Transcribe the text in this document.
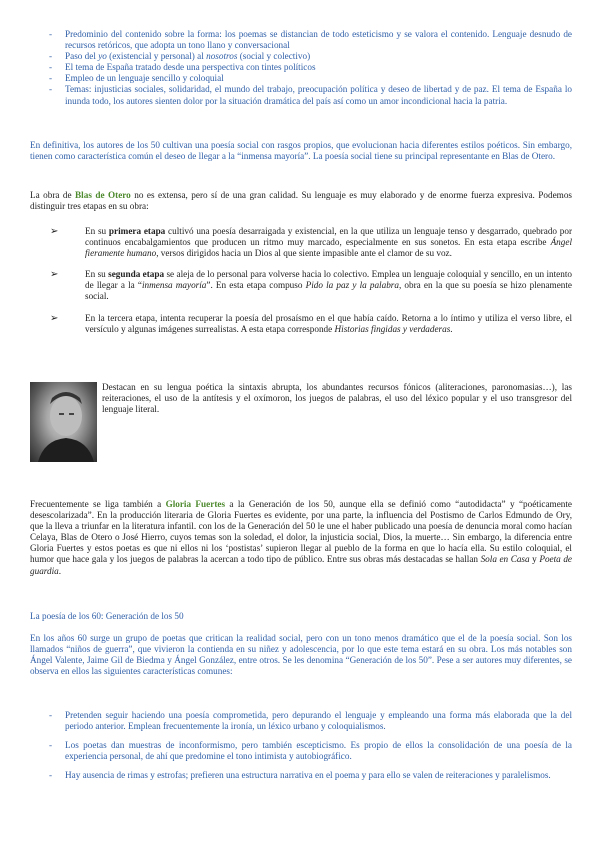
- Predominio del contenido sobre la forma: los poemas se distancian de todo esteticismo y se valora el contenido. Lenguaje desnudo de recursos retóricos, que adopta un tono llano y conversacional
- Paso del yo (existencial y personal) al nosotros (social y colectivo)
- El tema de España tratado desde una perspectiva con tintes políticos
- Empleo de un lenguaje sencillo y coloquial
- Temas: injusticias sociales, solidaridad, el mundo del trabajo, preocupación política y deseo de libertad y de paz. El tema de España lo inunda todo, los autores sienten dolor por la situación dramática del país así como un amor incondicional hacia la patria.

En definitiva, los autores de los 50 cultivan una poesía social con rasgos propios, que evolucionan hacia diferentes estilos poéticos. Sin embargo, tienen como característica común el deseo de llegar a la “inmensa mayoría”. La poesía social tiene su principal representante en Blas de Otero.

La obra de Blas de Otero no es extensa, pero sí de una gran calidad. Su lenguaje es muy elaborado y de enorme fuerza expresiva. Podemos distinguir tres etapas en su obra:

➢	En su primera etapa cultivó una poesía desarraigada y existencial, en la que utiliza un lenguaje tenso y desgarrado, quebrado por continuos encabalgamientos que producen un ritmo muy marcado, especialmente en sus sonetos. En esta etapa escribe Ángel fieramente humano, versos dirigidos hacia un Dios al que siente impasible ante el clamor de su voz.
➢	En su segunda etapa se aleja de lo personal para volverse hacia lo colectivo. Emplea un lenguaje coloquial y sencillo, en un intento de llegar a la “inmensa mayoría”. En esta etapa compuso Pido la paz y la palabra, obra en la que su poesía se hizo plenamente social.
➢	En la tercera etapa, intenta recuperar la poesía del prosaísmo en el que había caído. Retorna a lo íntimo y utiliza el verso libre, el versículo y algunas imágenes surrealistas. A esta etapa corresponde Historias fingidas y verdaderas.

Destacan en su lengua poética la sintaxis abrupta, los abundantes recursos fónicos (aliteraciones, paronomasias…), las reiteraciones, el uso de la antítesis y el oxímoron, los juegos de palabras, el uso del léxico popular y el uso transgresor del lenguaje literal.

Frecuentemente se liga también a Gloria Fuertes a la Generación de los 50, aunque ella se definió como “autodidacta” y “poéticamente desescolarizada”. En la producción literaria de Gloria Fuertes es evidente, por una parte, la influencia del Postismo de Carlos Edmundo de Ory, que la lleva a triunfar en la literatura infantil. con los de la Generación del 50 le une el haber publicado una poesía de denuncia moral como hacían Celaya, Blas de Otero o José Hierro, cuyos temas son la soledad, el dolor, la injusticia social, Dios, la muerte… Sin embargo, la diferencia entre Gloria Fuertes y estos poetas es que ni ellos ni los ‘postistas’ supieron llegar al pueblo de la forma en que lo hacía ella. Su estilo coloquial, el humor que hace gala y los juegos de palabras la acercan a todo tipo de público. Entre sus obras más destacadas se hallan Sola en Casa y Poeta de guardia.

La poesía de los 60: Generación de los 50

En los años 60 surge un grupo de poetas que critican la realidad social, pero con un tono menos dramático que el de la poesía social. Son los llamados “niños de guerra”, que vivieron la contienda en su niñez y adolescencia, por lo que este tema estará en su obra. Los más notables son Ángel Valente, Jaime Gil de Biedma y Ángel González, entre otros. Se les denomina “Generación de los 50”. Pese a ser autores muy diferentes, se observa en ellos las siguientes características comunes:

- Pretenden seguir haciendo una poesía comprometida, pero depurando el lenguaje y empleando una forma más elaborada que la del periodo anterior. Emplean frecuentemente la ironía, un léxico urbano y coloquialismos.
- Los poetas dan muestras de inconformismo, pero también escepticismo. Es propio de ellos la consolidación de una poesía de la experiencia personal, de ahí que predomine el tono intimista y autobiográfico.
- Hay ausencia de rimas y estrofas; prefieren una estructura narrativa en el poema y para ello se valen de reiteraciones y paralelismos.
